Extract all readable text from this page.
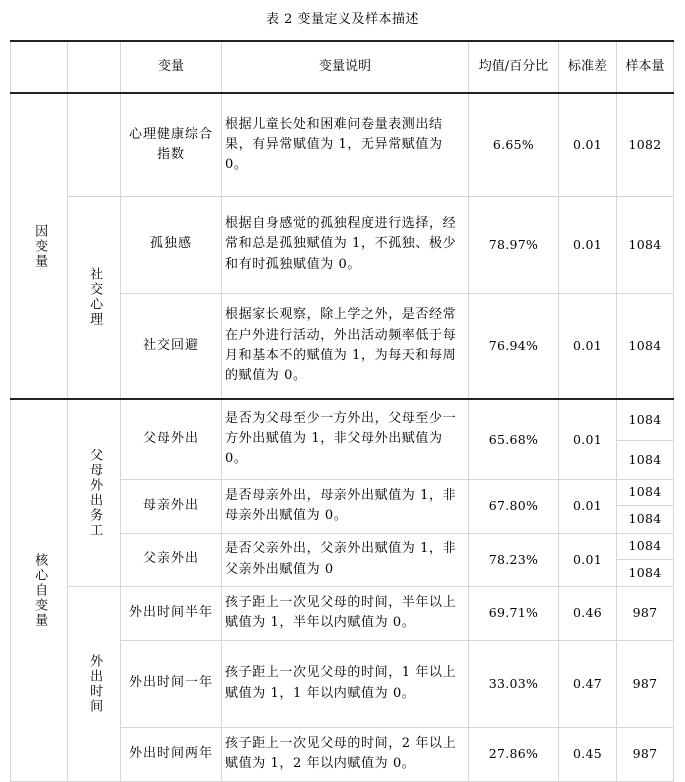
表 2 变量定义及样本描述
		变量	变量说明	均值/百分比	标准差	样本量

因变量		心理健康综合指数	根据儿童长处和困难问卷量表测出结果，有异常赋值为 1，无异常赋值为 0。	6.65%	0.01	1082

	社交心理	孤独感	根据自身感觉的孤独程度进行选择，经常和总是孤独赋值为 1，不孤独、极少和有时孤独赋值为 0。	78.97%	0.01	1084
		社交回避	根据家长观察，除上学之外，是否经常在户外进行活动，外出活动频率低于每月和基本不的赋值为 1，为每天和每周的赋值为 0。	76.94%	0.01	1084

核心自变量	父母外出务工	父母外出	是否为父母至少一方外出，父母至少一方外出赋值为 1，非父母外出赋值为 0。	65.68%	0.01	1084
						1084
		母亲外出	是否母亲外出，母亲外出赋值为 1，非母亲外出赋值为 0。	67.80%	0.01	1084
						1084
		父亲外出	是否父亲外出，父亲外出赋值为 1，非父亲外出赋值为 0	78.23%	0.01	1084
						1084

	外出时间	外出时间半年	孩子距上一次见父母的时间，半年以上赋值为 1，半年以内赋值为 0。	69.71%	0.46	987

		外出时间一年	孩子距上一次见父母的时间，1 年以上赋值为 1，1 年以内赋值为 0。	33.03%	0.47	987

		外出时间两年	孩子距上一次见父母的时间，2 年以上赋值为 1，2 年以内赋值为 0。	27.86%	0.45	987
